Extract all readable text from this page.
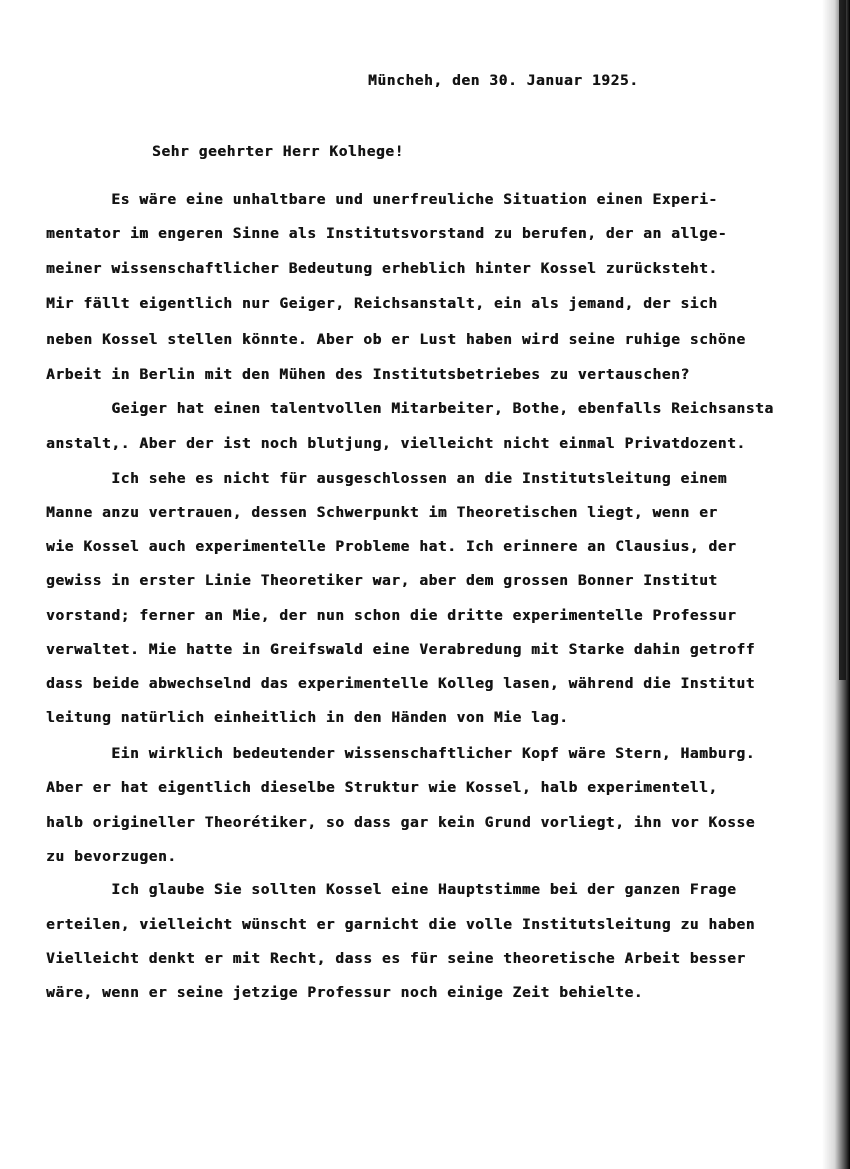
Müncheh, den 30. Januar 1925.
Sehr geehrter Herr Kolhege!
Es wäre eine unhaltbare und unerfreuliche Situation einen Experi-
mentator im engeren Sinne als Institutsvorstand zu berufen, der an allge-
meiner wissenschaftlicher Bedeutung erheblich hinter Kossel zurücksteht.
Mir fällt eigentlich nur Geiger, Reichsanstalt, ein als jemand, der sich
neben Kossel stellen könnte. Aber ob er Lust haben wird seine ruhige schöne
Arbeit in Berlin mit den Mühen des Institutsbetriebes zu vertauschen?
Geiger hat einen talentvollen Mitarbeiter, Bothe, ebenfalls Reichsansta
anstalt,. Aber der ist noch blutjung, vielleicht nicht einmal Privatdozent.
Ich sehe es nicht für ausgeschlossen an die Institutsleitung einem
Manne anzu vertrauen, dessen Schwerpunkt im Theoretischen liegt, wenn er
wie Kossel auch experimentelle Probleme hat. Ich erinnere an Clausius, der
gewiss in erster Linie Theoretiker war, aber dem grossen Bonner Institut
vorstand; ferner an Mie, der nun schon die dritte experimentelle Professur
verwaltet. Mie hatte in Greifswald eine Verabredung mit Starke dahin getroff
dass beide abwechselnd das experimentelle Kolleg lasen, während die Institut
leitung natürlich einheitlich in den Händen von Mie lag.
Ein wirklich bedeutender wissenschaftlicher Kopf wäre Stern, Hamburg.
Aber er hat eigentlich dieselbe Struktur wie Kossel, halb experimentell,
halb origineller Theorétiker, so dass gar kein Grund vorliegt, ihn vor Kosse
zu bevorzugen.
Ich glaube Sie sollten Kossel eine Hauptstimme bei der ganzen Frage
erteilen, vielleicht wünscht er garnicht die volle Institutsleitung zu haben
Vielleicht denkt er mit Recht, dass es für seine theoretische Arbeit besser
wäre, wenn er seine jetzige Professur noch einige Zeit behielte.
